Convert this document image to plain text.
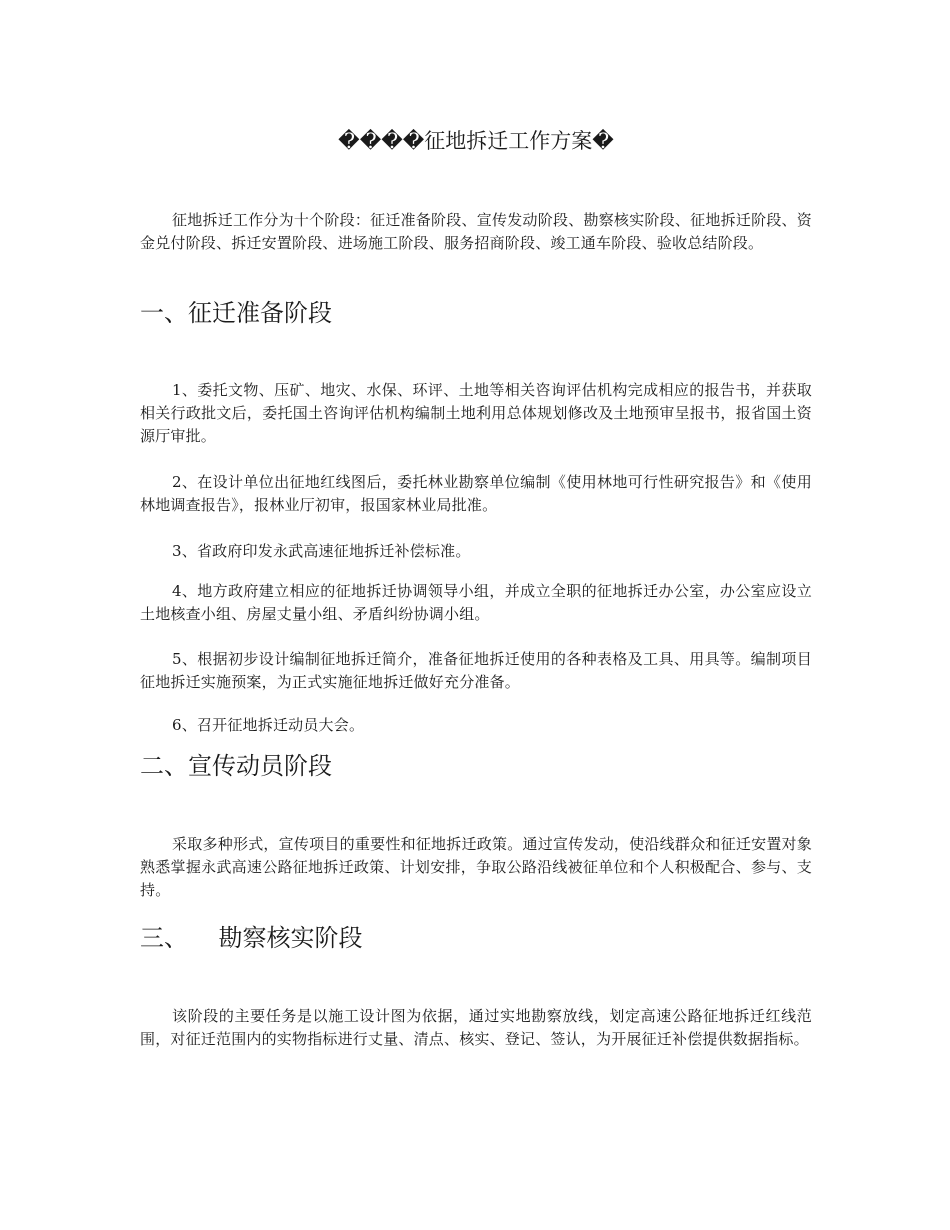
����征地拆迁工作方案�

征地拆迁工作分为十个阶段：征迁准备阶段、宣传发动阶段、勘察核实阶段、征地拆迁阶段、资金兑付阶段、拆迁安置阶段、进场施工阶段、服务招商阶段、竣工通车阶段、验收总结阶段。

一、征迁准备阶段

1、委托文物、压矿、地灾、水保、环评、土地等相关咨询评估机构完成相应的报告书，并获取相关行政批文后，委托国土咨询评估机构编制土地利用总体规划修改及土地预审呈报书，报省国土资源厅审批。

2、在设计单位出征地红线图后，委托林业勘察单位编制《使用林地可行性研究报告》和《使用林地调查报告》，报林业厅初审，报国家林业局批准。

3、省政府印发永武高速征地拆迁补偿标准。

4、地方政府建立相应的征地拆迁协调领导小组，并成立全职的征地拆迁办公室，办公室应设立土地核查小组、房屋丈量小组、矛盾纠纷协调小组。

5、根据初步设计编制征地拆迁简介，准备征地拆迁使用的各种表格及工具、用具等。编制项目征地拆迁实施预案，为正式实施征地拆迁做好充分准备。

6、召开征地拆迁动员大会。

二、宣传动员阶段

采取多种形式，宣传项目的重要性和征地拆迁政策。通过宣传发动，使沿线群众和征迁安置对象熟悉掌握永武高速公路征地拆迁政策、计划安排，争取公路沿线被征单位和个人积极配合、参与、支持。

三、    勘察核实阶段

该阶段的主要任务是以施工设计图为依据，通过实地勘察放线，划定高速公路征地拆迁红线范围，对征迁范围内的实物指标进行丈量、清点、核实、登记、签认，为开展征迁补偿提供数据指标。
